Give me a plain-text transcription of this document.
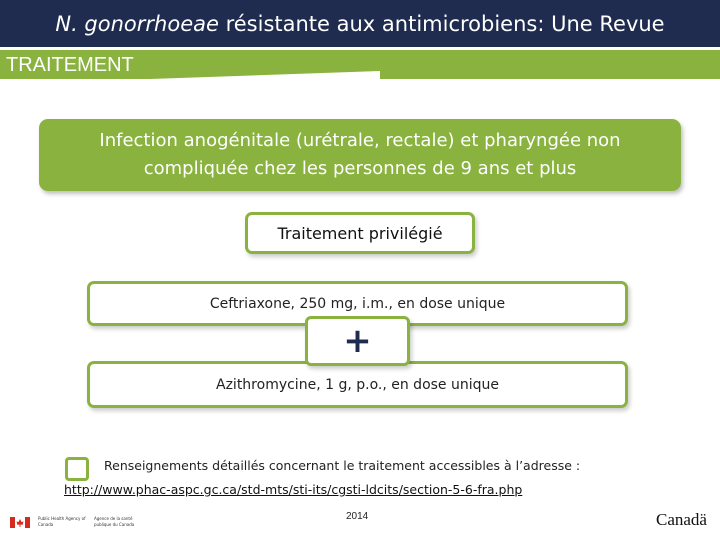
N. gonorrhoeae résistante aux antimicrobiens: Une Revue
TRAITEMENT
Infection anogénitale (urétrale, rectale) et pharyngée non compliquée chez les personnes de 9 ans et plus
Traitement privilégié
Ceftriaxone, 250 mg, i.m., en dose unique
Azithromycine, 1 g, p.o., en dose unique
+
Renseignements détaillés concernant le traitement accessibles à l’adresse :
http://www.phac-aspc.gc.ca/std-mts/sti-its/cgsti-ldcits/section-5-6-fra.php
2014
Public Health Agency of Canada
Agence de la santé publique du Canada	Canadä
